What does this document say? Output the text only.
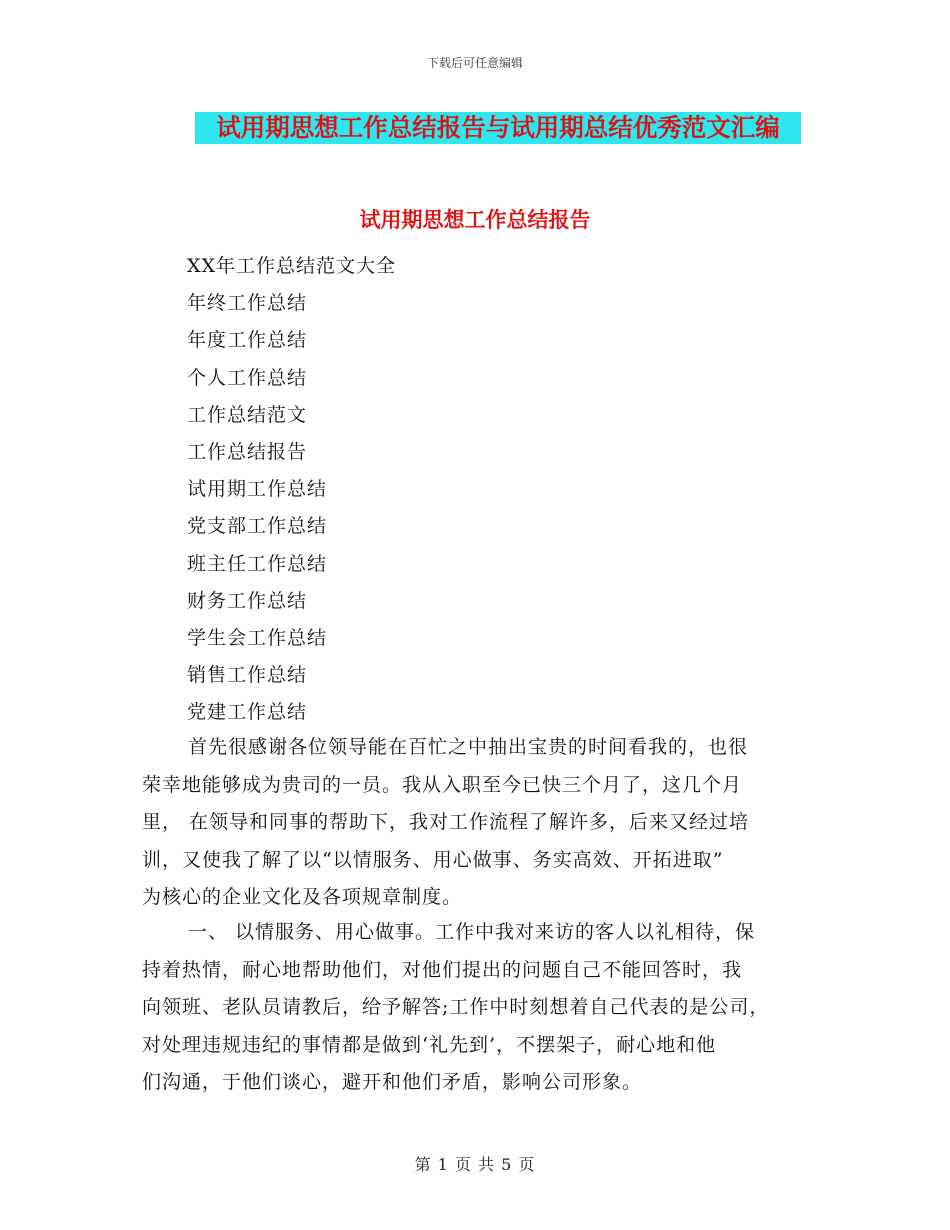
下载后可任意编辑
试用期思想工作总结报告与试用期总结优秀范文汇编
试用期思想工作总结报告
XX年工作总结范文大全
年终工作总结
年度工作总结
个人工作总结
工作总结范文
工作总结报告
试用期工作总结
党支部工作总结
班主任工作总结
财务工作总结
学生会工作总结
销售工作总结
党建工作总结
首先很感谢各位领导能在百忙之中抽出宝贵的时间看我的，也很
荣幸地能够成为贵司的一员。我从入职至今已快三个月了，这几个月
里， 在领导和同事的帮助下，我对工作流程了解许多，后来又经过培
训，又使我了解了以“以情服务、用心做事、务实高效、开拓进取”
为核心的企业文化及各项规章制度。
一、 以情服务、用心做事。工作中我对来访的客人以礼相待，保
持着热情，耐心地帮助他们，对他们提出的问题自己不能回答时，我
向领班、老队员请教后，给予解答;工作中时刻想着自己代表的是公司，
对处理违规违纪的事情都是做到‘礼先到’，不摆架子，耐心地和他
们沟通，于他们谈心，避开和他们矛盾，影响公司形象。
第 1 页 共 5 页
